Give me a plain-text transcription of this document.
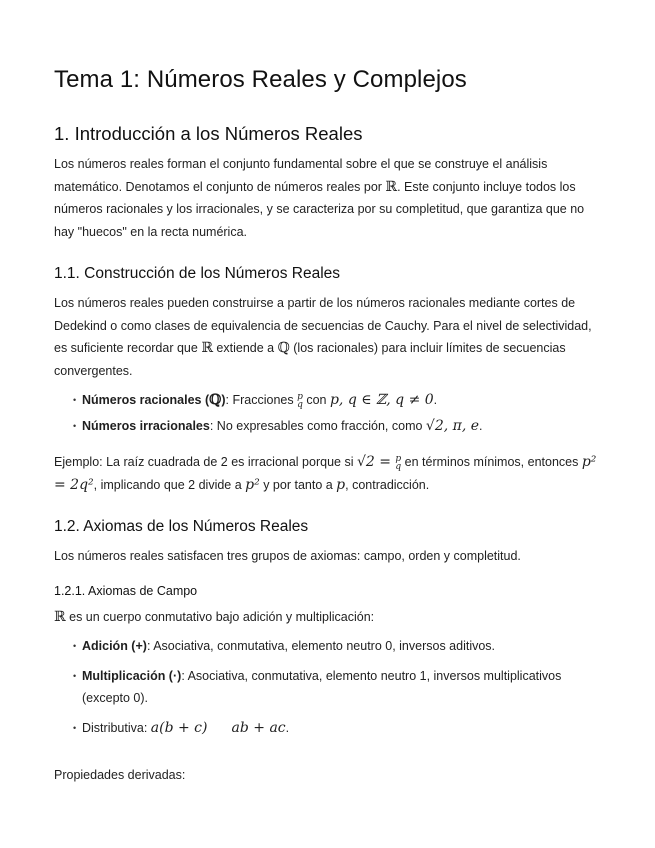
Tema 1: Números Reales y Complejos
1. Introducción a los Números Reales

Los números reales forman el conjunto fundamental sobre el que se construye el análisis matemático. Denotamos el conjunto de números reales por ℝ. Este conjunto incluye todos los números racionales y los irracionales, y se caracteriza por su completitud, que garantiza que no hay "huecos" en la recta numérica.

1.1. Construcción de los Números Reales

Los números reales pueden construirse a partir de los números racionales mediante cortes de Dedekind o como clases de equivalencia de secuencias de Cauchy. Para el nivel de selectividad, es suficiente recordar que ℝ extiende a ℚ (los racionales) para incluir límites de secuencias convergentes.

• Números racionales (ℚ): Fracciones p
q con p, q ∈ ℤ, q ≠ 0.
• Números irracionales: No expresables como fracción, como √2, π, e.

Ejemplo: La raíz cuadrada de 2 es irracional porque si √2 = p
q en términos mínimos, entonces p² = 2q², implicando que 2 divide a p² y por tanto a p, contradicción.

1.2. Axiomas de los Números Reales

Los números reales satisfacen tres grupos de axiomas: campo, orden y completitud.

1.2.1. Axiomas de Campo

ℝ es un cuerpo conmutativo bajo adición y multiplicación:

• Adición (+): Asociativa, conmutativa, elemento neutro 0, inversos aditivos.
• Multiplicación (·): Asociativa, conmutativa, elemento neutro 1, inversos multiplicativos (excepto 0).
• Distributiva: a(b + c) ab + ac.

Propiedades derivadas:
